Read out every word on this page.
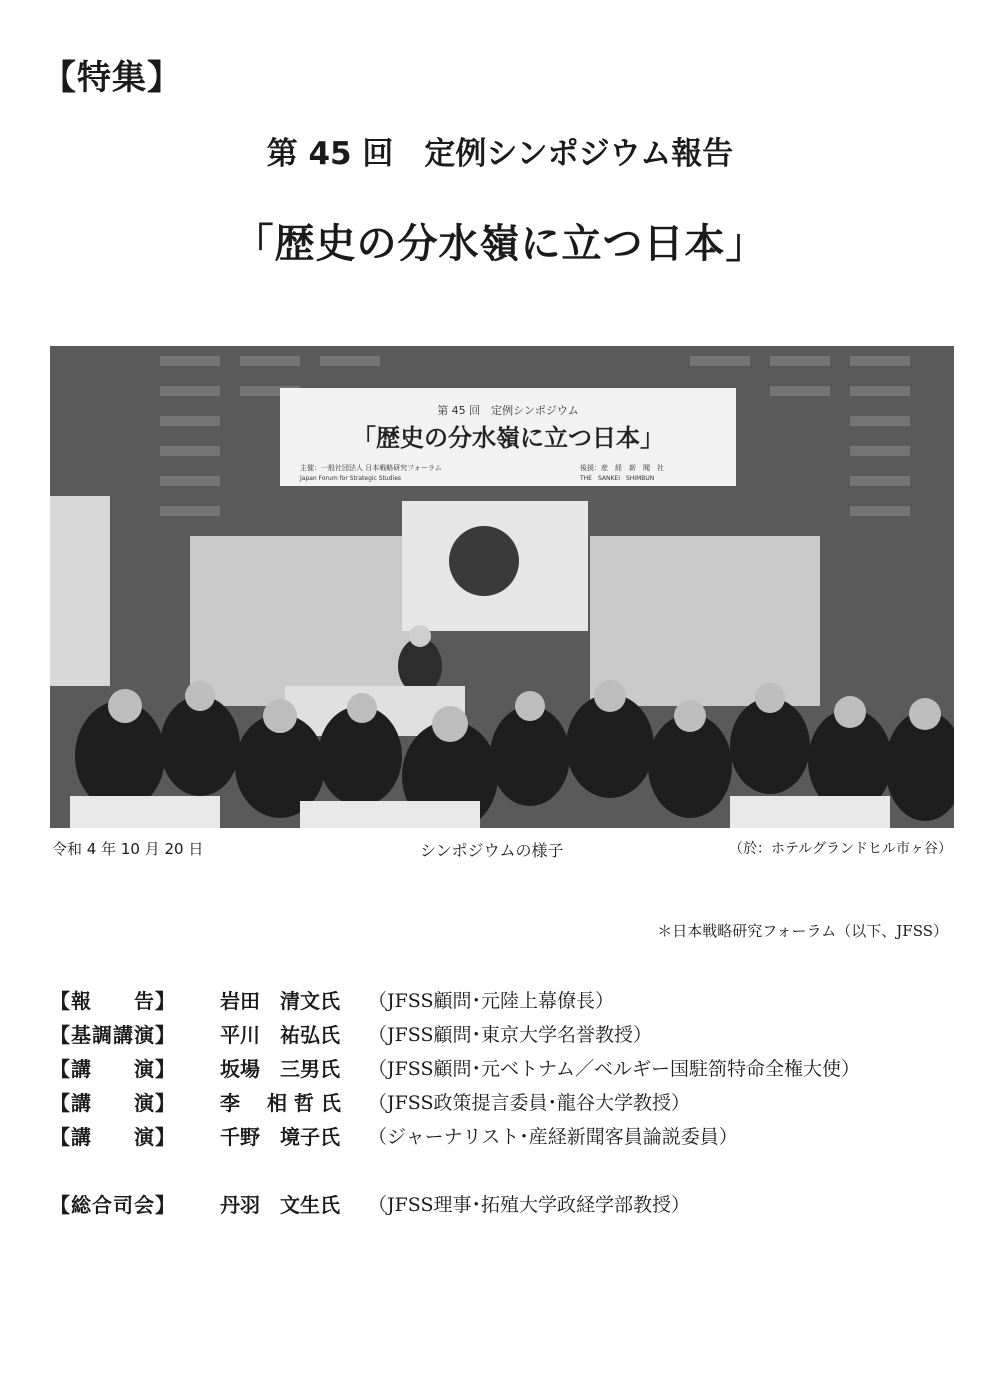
【特集】
第 45 回　定例シンポジウム報告
「歴史の分水嶺に立つ日本」
第 45 回　定例シンポジウム
「歴史の分水嶺に立つ日本」
主催：一般社団法人 日本戦略研究フォーラム
Japan Forum for Strategic Studies
後援：産　経　新　聞　社
THE　SANKEI　SHIMBUN
令和 4 年 10 月 20 日	シンポジウムの様子	（於：ホテルグランドヒル市ヶ谷）
＊日本戦略研究フォーラム（以下、JFSS）
【報　　告】 岩田　清文氏 （JFSS顧問･元陸上幕僚長）
【基調講演】 平川　祐弘氏 （JFSS顧問･東京大学名誉教授）
【講　　演】 坂場　三男氏 （JFSS顧問･元ベトナム／ベルギー国駐箚特命全権大使）
【講　　演】 李　 相 哲 氏 （JFSS政策提言委員･龍谷大学教授）
【講　　演】 千野　境子氏 （ジャーナリスト･産経新聞客員論説委員）
【総合司会】 丹羽　文生氏 （JFSS理事･拓殖大学政経学部教授）
